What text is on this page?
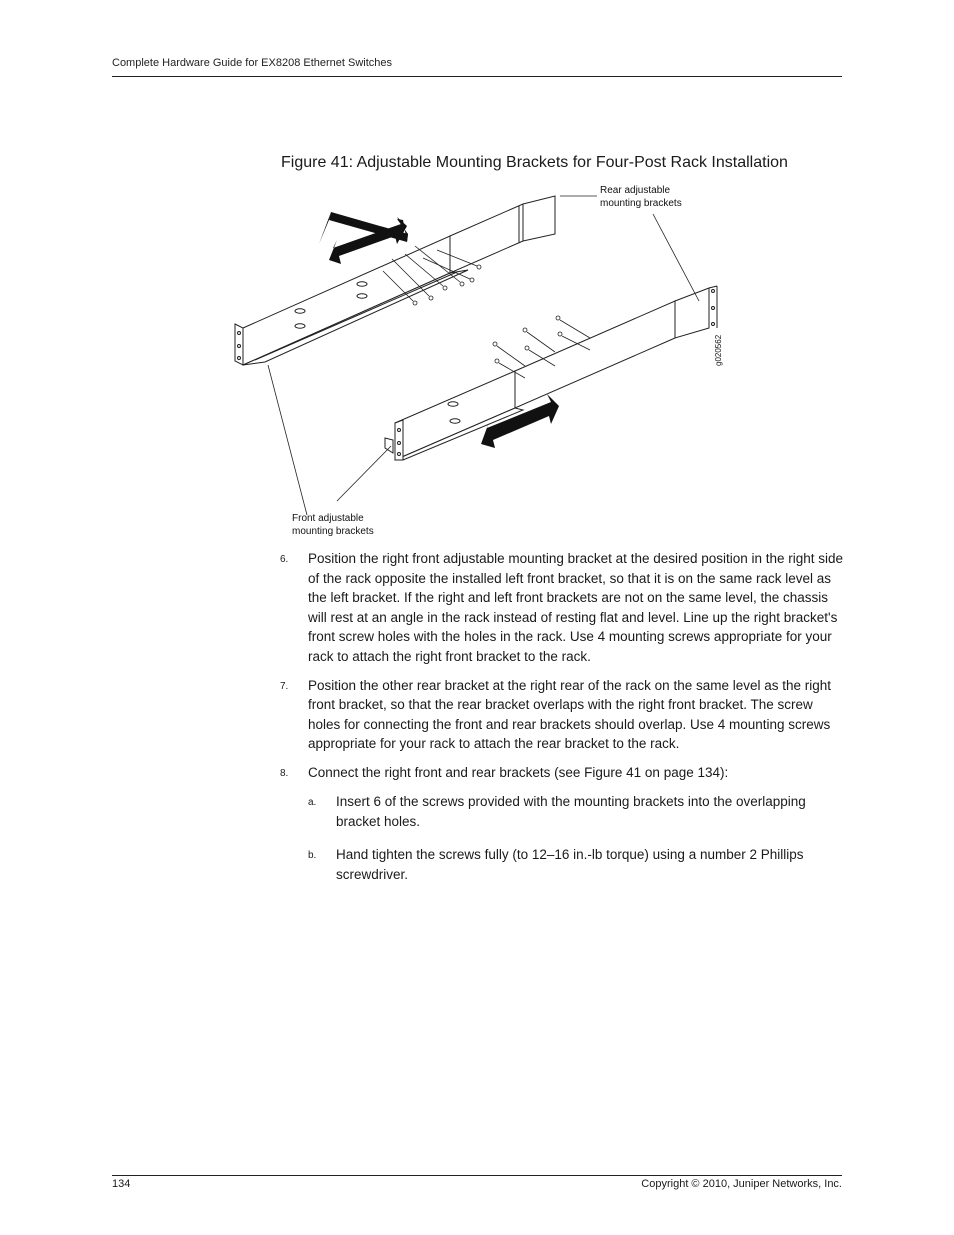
Complete Hardware Guide for EX8208 Ethernet Switches
Figure 41: Adjustable Mounting Brackets for Four-Post Rack Installation
Rear adjustable
mounting brackets
Front adjustable
mounting brackets
g020562
6. Position the right front adjustable mounting bracket at the desired position in the right side of the rack opposite the installed left front bracket, so that it is on the same rack level as the left bracket. If the right and left front brackets are not on the same level, the chassis will rest at an angle in the rack instead of resting flat and level. Line up the right bracket's front screw holes with the holes in the rack. Use 4 mounting screws appropriate for your rack to attach the right front bracket to the rack.
7. Position the other rear bracket at the right rear of the rack on the same level as the right front bracket, so that the rear bracket overlaps with the right front bracket. The screw holes for connecting the front and rear brackets should overlap. Use 4 mounting screws appropriate for your rack to attach the rear bracket to the rack.
8. Connect the right front and rear brackets (see Figure 41 on page 134):
a. Insert 6 of the screws provided with the mounting brackets into the overlapping bracket holes.
b. Hand tighten the screws fully (to 12–16 in.-lb torque) using a number 2 Phillips screwdriver.
134	Copyright © 2010, Juniper Networks, Inc.
